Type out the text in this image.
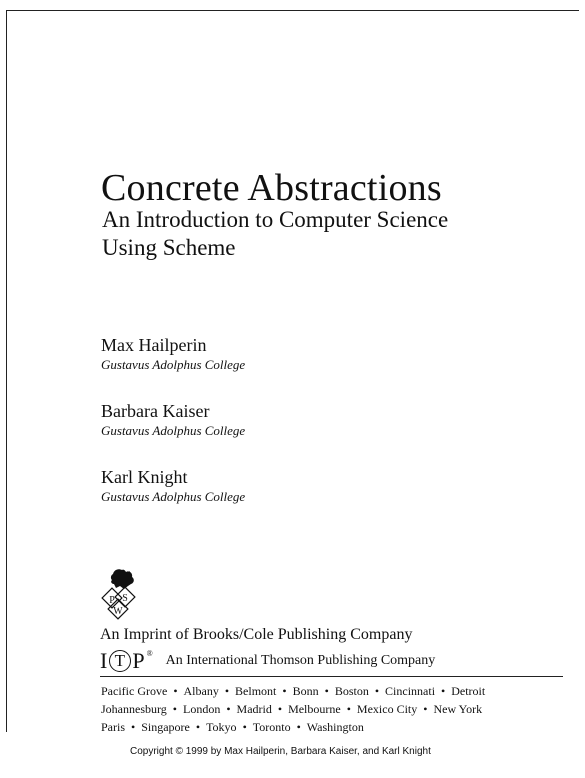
Concrete Abstractions
An Introduction to Computer Science
Using Scheme
Max Hailperin
Gustavus Adolphus College
Barbara Kaiser
Gustavus Adolphus College
Karl Knight
Gustavus Adolphus College
P S
W
An Imprint of Brooks/Cole Publishing Company
I T P ® An International Thomson Publishing Company
Pacific Grove • Albany • Belmont • Bonn • Boston • Cincinnati • Detroit
Johannesburg • London • Madrid • Melbourne • Mexico City • New York
Paris • Singapore • Tokyo • Toronto • Washington
Copyright © 1999 by Max Hailperin, Barbara Kaiser, and Karl Knight
